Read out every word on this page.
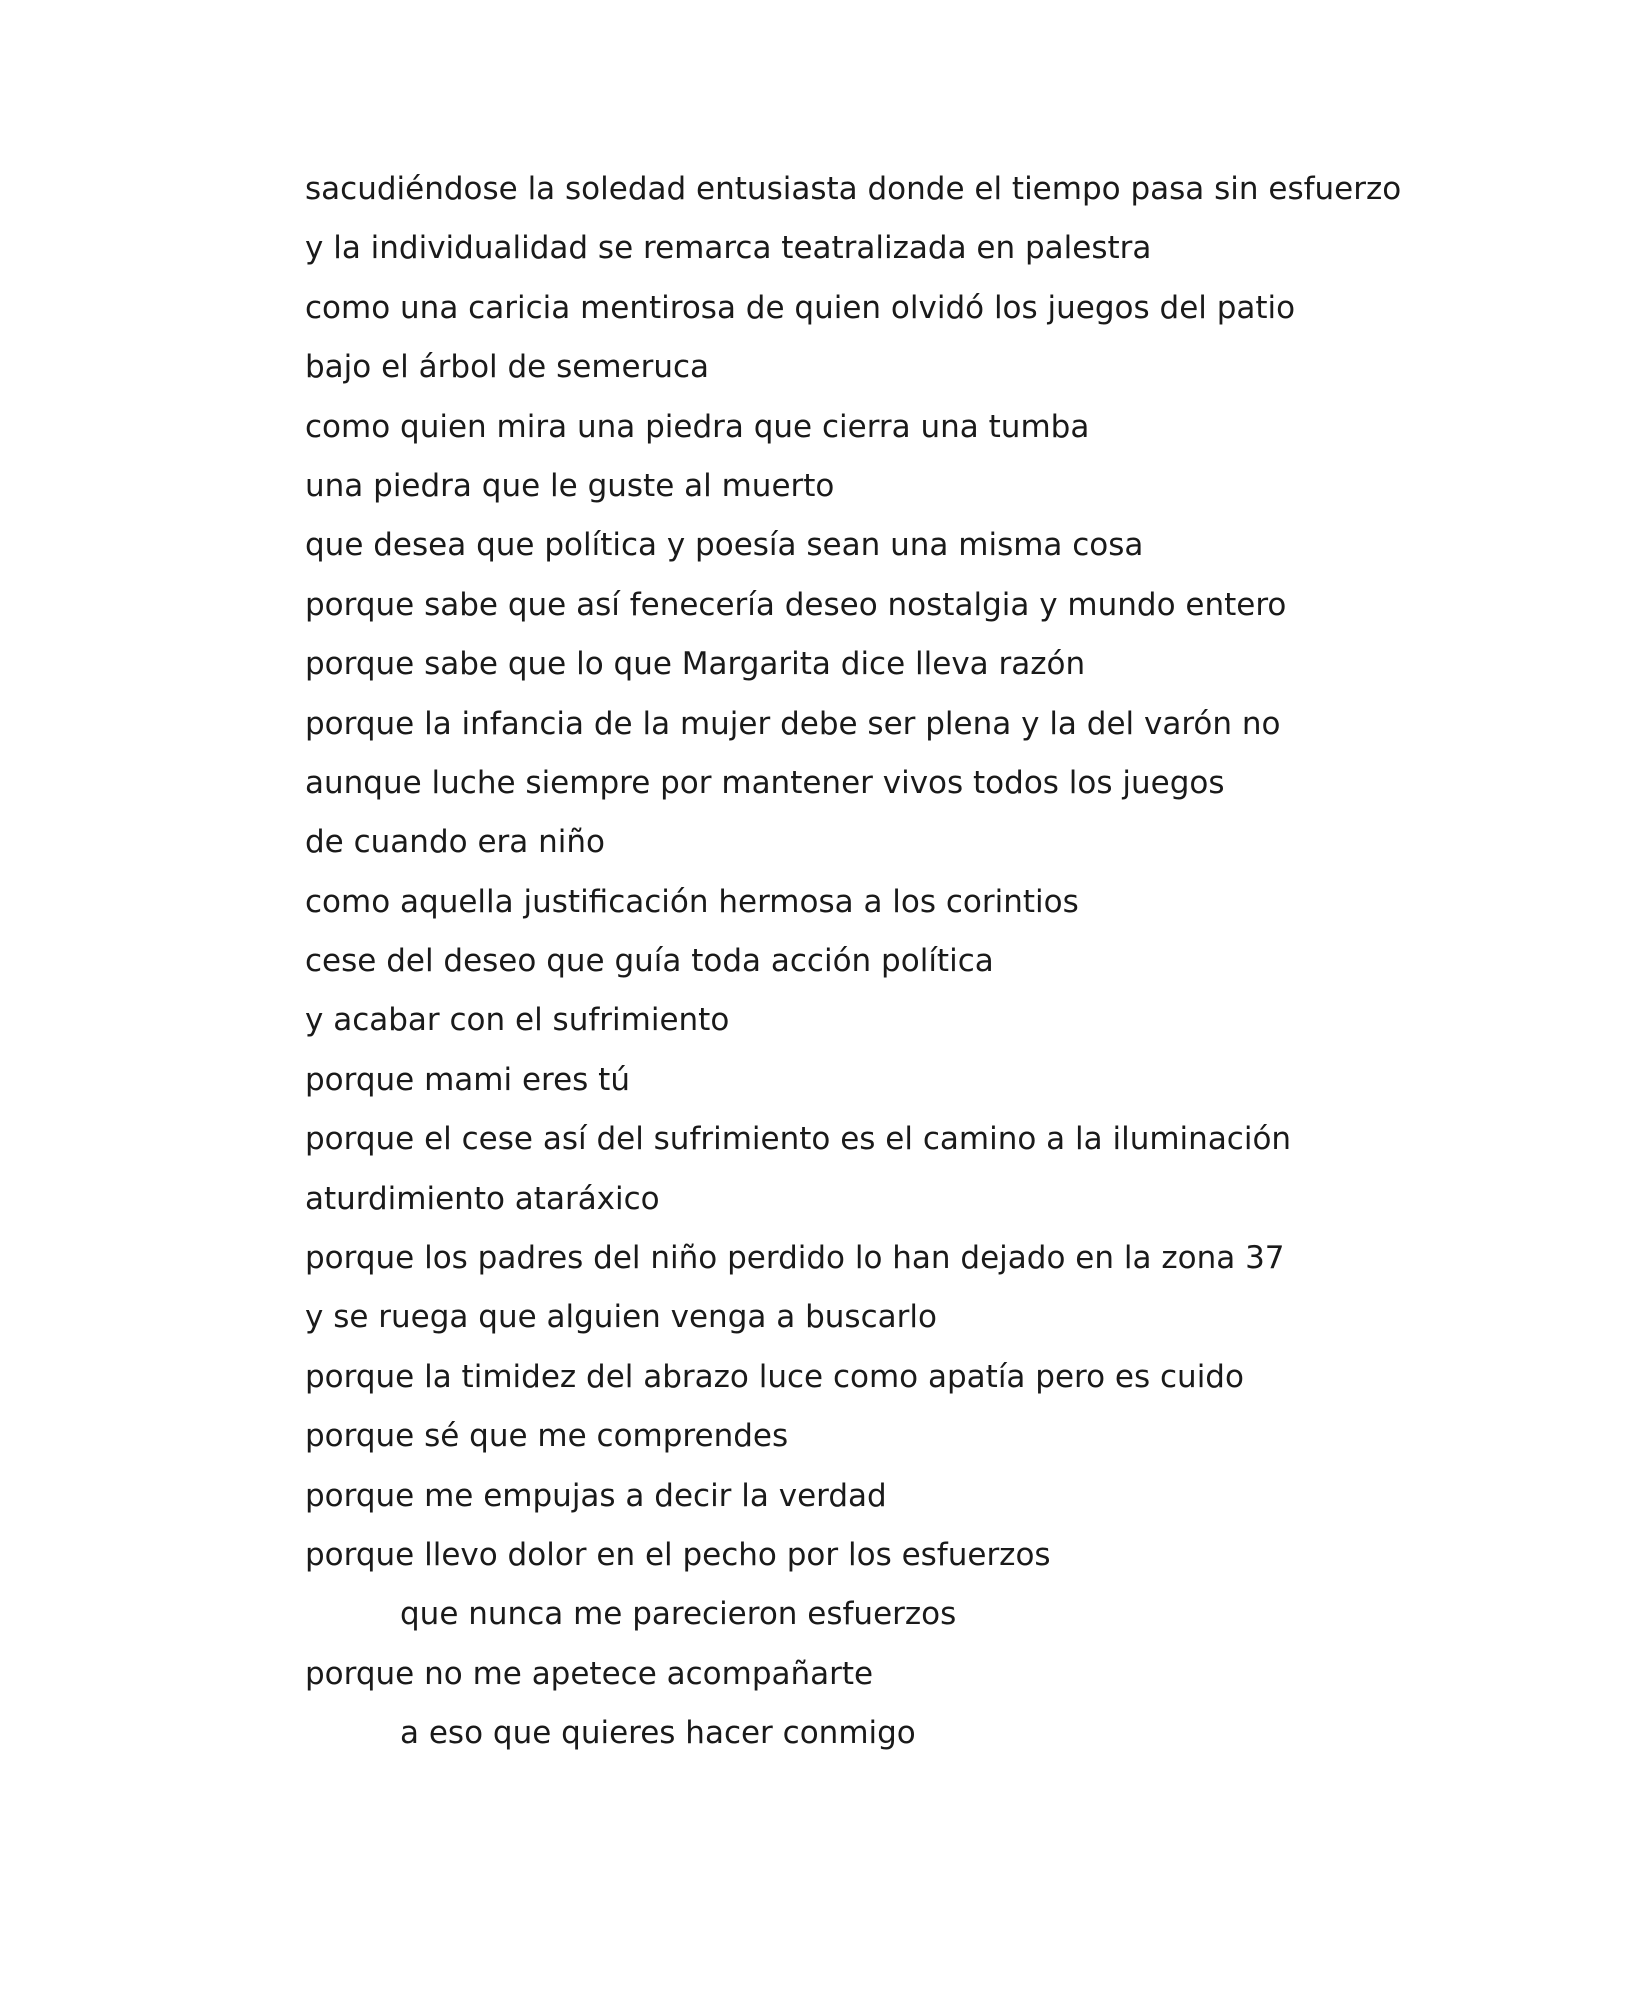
sacudiéndose la soledad entusiasta donde el tiempo pasa sin esfuerzo
y la individualidad se remarca teatralizada en palestra
como una caricia mentirosa de quien olvidó los juegos del patio
bajo el árbol de semeruca
como quien mira una piedra que cierra una tumba
una piedra que le guste al muerto
que desea que política y poesía sean una misma cosa
porque sabe que así fenecería deseo nostalgia y mundo entero
porque sabe que lo que Margarita dice lleva razón
porque la infancia de la mujer debe ser plena y la del varón no
aunque luche siempre por mantener vivos todos los juegos
de cuando era niño
como aquella justificación hermosa a los corintios
cese del deseo que guía toda acción política
y acabar con el sufrimiento
porque mami eres tú
porque el cese así del sufrimiento es el camino a la iluminación
aturdimiento ataráxico
porque los padres del niño perdido lo han dejado en la zona 37
y se ruega que alguien venga a buscarlo
porque la timidez del abrazo luce como apatía pero es cuido
porque sé que me comprendes
porque me empujas a decir la verdad
porque llevo dolor en el pecho por los esfuerzos
que nunca me parecieron esfuerzos
porque no me apetece acompañarte
a eso que quieres hacer conmigo
